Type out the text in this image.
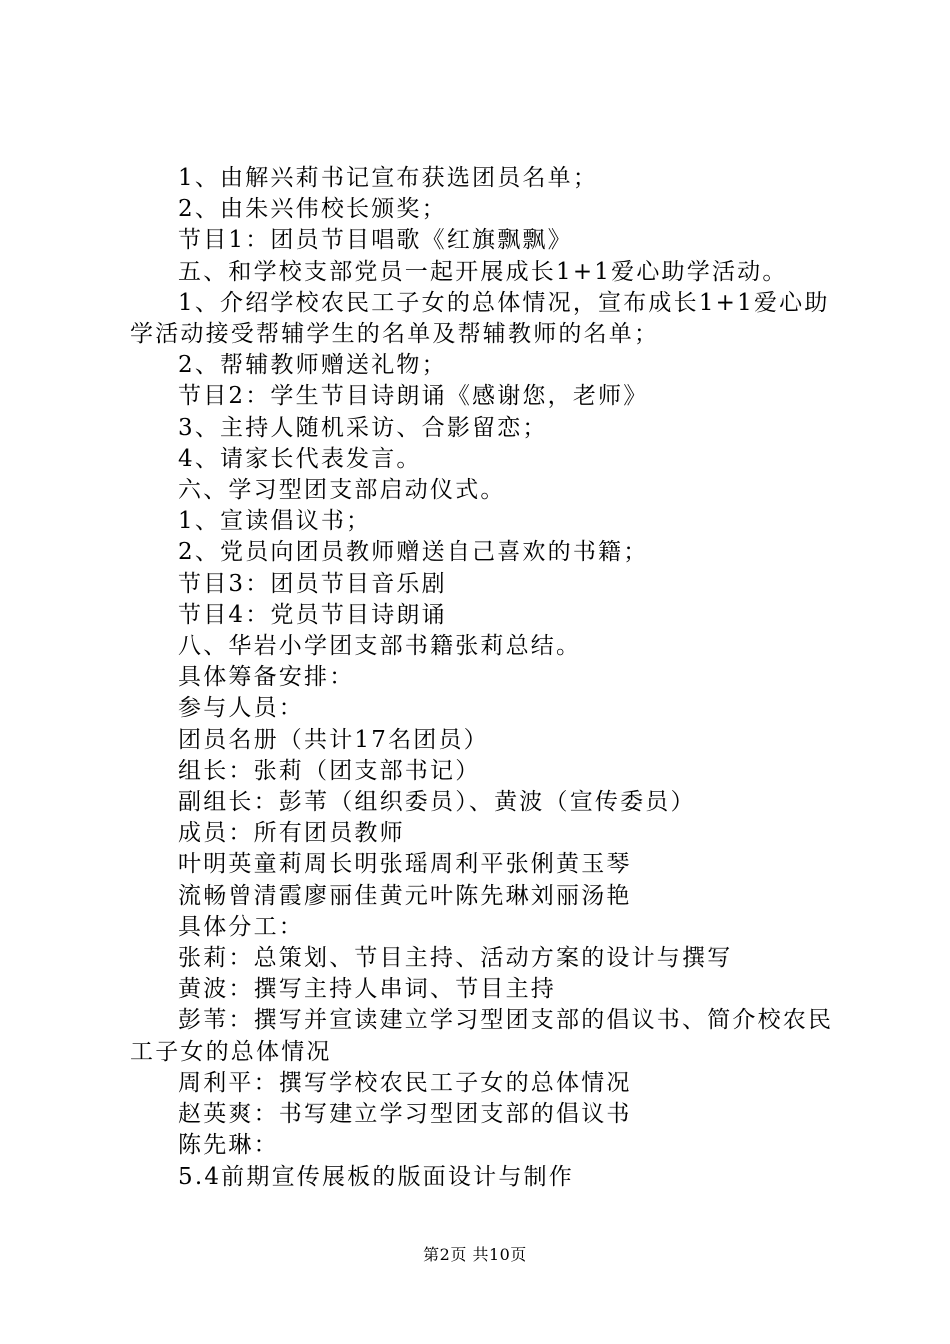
1、由解兴莉书记宣布获选团员名单；

2、由朱兴伟校长颁奖；

节目1：团员节目唱歌《红旗飘飘》

五、和学校支部党员一起开展成长1+1爱心助学活动。

1、介绍学校农民工子女的总体情况，宣布成长1+1爱心助学活动接受帮辅学生的名单及帮辅教师的名单；

2、帮辅教师赠送礼物；

节目2：学生节目诗朗诵《感谢您，老师》

3、主持人随机采访、合影留恋；

4、请家长代表发言。

六、学习型团支部启动仪式。

1、宣读倡议书；

2、党员向团员教师赠送自己喜欢的书籍；

节目3：团员节目音乐剧

节目4：党员节目诗朗诵

八、华岩小学团支部书籍张莉总结。

具体筹备安排：

参与人员：

团员名册（共计17名团员）

组长：张莉（团支部书记）

副组长：彭苇（组织委员）、黄波（宣传委员）

成员：所有团员教师

叶明英童莉周长明张瑶周利平张俐黄玉琴

流畅曾清霞廖丽佳黄元叶陈先琳刘丽汤艳

具体分工：

张莉：总策划、节目主持、活动方案的设计与撰写

黄波：撰写主持人串词、节目主持

彭苇：撰写并宣读建立学习型团支部的倡议书、简介校农民工子女的总体情况

周利平：撰写学校农民工子女的总体情况

赵英爽：书写建立学习型团支部的倡议书

陈先琳：

5.4前期宣传展板的版面设计与制作

第2页 共10页
